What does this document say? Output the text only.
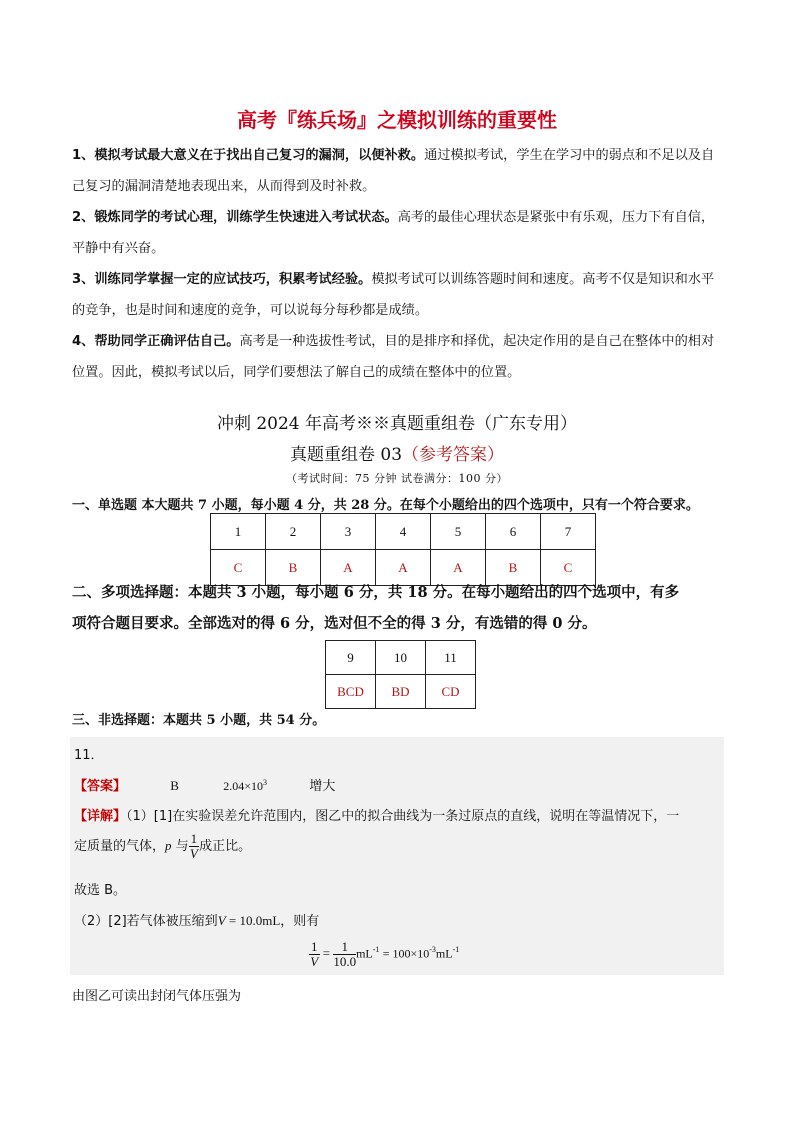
高考『练兵场』之模拟训练的重要性
1、模拟考试最大意义在于找出自己复习的漏洞，以便补救。通过模拟考试，学生在学习中的弱点和不足以及自己复习的漏洞清楚地表现出来，从而得到及时补救。
2、锻炼同学的考试心理，训练学生快速进入考试状态。高考的最佳心理状态是紧张中有乐观，压力下有自信，平静中有兴奋。
3、训练同学掌握一定的应试技巧，积累考试经验。模拟考试可以训练答题时间和速度。高考不仅是知识和水平的竞争，也是时间和速度的竞争，可以说每分每秒都是成绩。
4、帮助同学正确评估自己。高考是一种选拔性考试，目的是排序和择优，起决定作用的是自己在整体中的相对位置。因此，模拟考试以后，同学们要想法了解自己的成绩在整体中的位置。
冲刺 2024 年高考※※真题重组卷（广东专用）
真题重组卷 03（参考答案）
（考试时间：75 分钟 试卷满分：100 分）
一、单选题 本大题共 7 小题，每小题 4 分，共 28 分。在每个小题给出的四个选项中，只有一个符合要求。
1	2	3	4	5	6	7
C	B	A	A	A	B	C
二、多项选择题：本题共 3 小题，每小题 6 分，共 18 分。在每小题给出的四个选项中，有多
项符合题目要求。全部选对的得 6 分，选对但不全的得 3 分，有选错的得 0 分。
9	10	11
BCD	BD	CD
三、非选择题：本题共 5 小题，共 54 分。
11．
【答案】	B	$2.04\times 10^3$	增大
【详解】（1）[1]在实验误差允许范围内，图乙中的拟合曲线为一条过原点的直线，说明在等温情况下，一
定质量的气体，p 与 $\frac{1}{V}$ 成正比。
故选 B。
（2）[2]若气体被压缩到V = 10.0mL，则有
$\frac{1}{V} = \frac{1}{10.0} mL^{-1} = 100\times 10^{-3}mL^{-1}$
由图乙可读出封闭气体压强为
